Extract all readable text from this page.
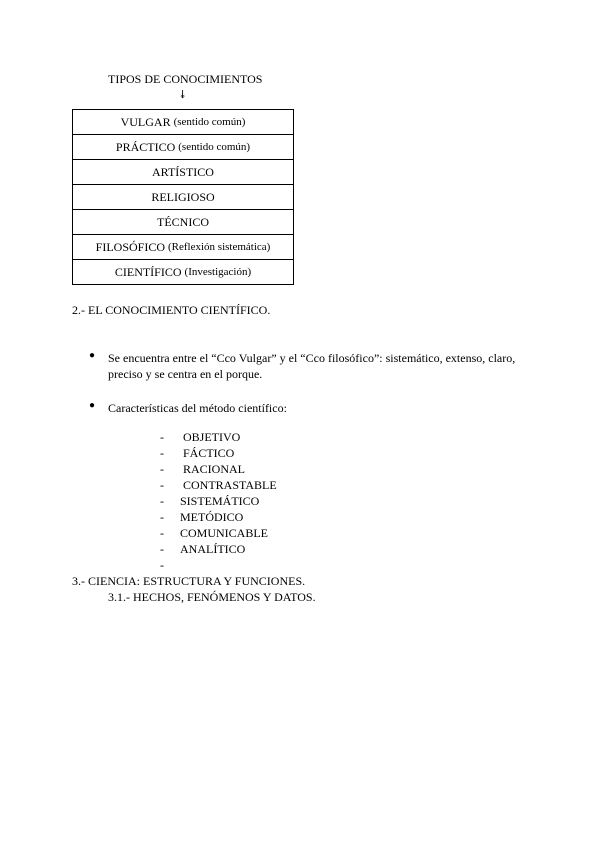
TIPOS DE CONOCIMIENTOS
↡
VULGAR (sentido común)
PRÁCTICO (sentido común)
ARTÍSTICO
RELIGIOSO
TÉCNICO
FILOSÓFICO (Reflexión sistemática)
CIENTÍFICO (Investigación)
2.- EL CONOCIMIENTO CIENTÍFICO.
● Se encuentra entre el “Cco Vulgar” y el “Cco filosófico”: sistemático, extenso, claro, preciso y se centra en el porque.
● Características del método científico:
- OBJETIVO
- FÁCTICO
- RACIONAL
- CONTRASTABLE
- SISTEMÁTICO
- METÓDICO
- COMUNICABLE
- ANALÍTICO
-
3.- CIENCIA: ESTRUCTURA Y FUNCIONES.
3.1.- HECHOS, FENÓMENOS Y DATOS.
